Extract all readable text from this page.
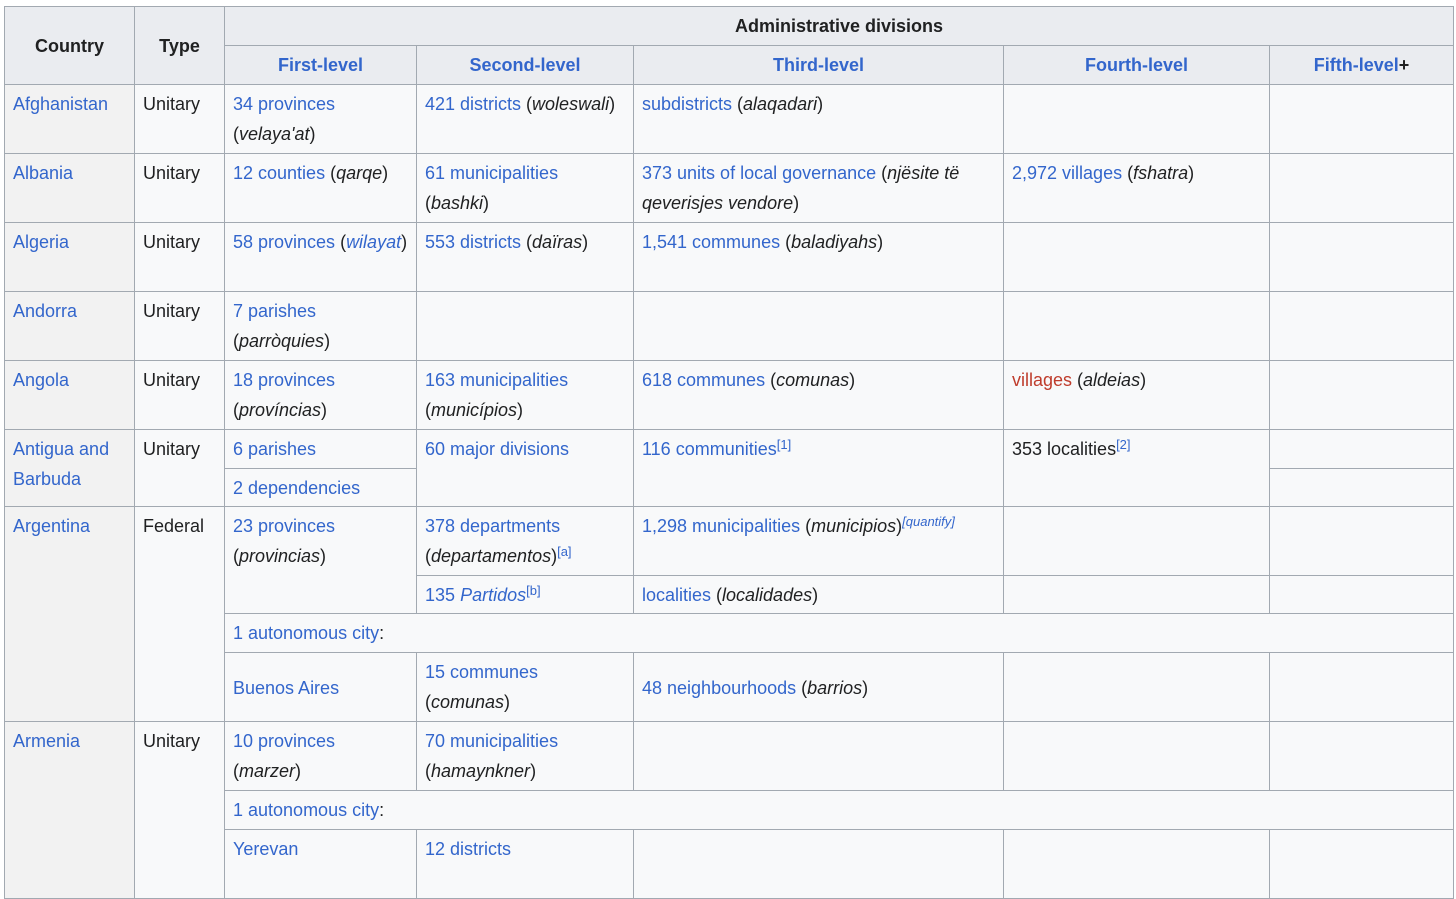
Country	Type	Administrative divisions				
		First-level	Second-level	Third-level	Fourth-level	Fifth-level+
Afghanistan	Unitary	34 provinces (velaya'at)	421 districts (woleswali)	subdistricts (alaqadari)		
Albania	Unitary	12 counties (qarqe)	61 municipalities (bashki)	373 units of local governance (njësite të qeverisjes vendore)	2,972 villages (fshatra)	
Algeria	Unitary	58 provinces (wilayat)	553 districts (daïras)	1,541 communes (baladiyahs)		
Andorra	Unitary	7 parishes (parròquies)				
Angola	Unitary	18 provinces (províncias)	163 municipalities (municípios)	618 communes (comunas)	villages (aldeias)	
Antigua and Barbuda	Unitary	6 parishes	60 major divisions	116 communities[1]	353 localities[2]	
		2 dependencies				
Argentina	Federal	23 provinces (provincias)	378 departments (departamentos)[a]	1,298 municipalities (municipios)[quantify]		
			135 Partidos[b]	localities (localidades)		
		1 autonomous city:				
		Buenos Aires	15 communes (comunas)	48 neighbourhoods (barrios)		
Armenia	Unitary	10 provinces (marzer)	70 municipalities (hamaynkner)			
		1 autonomous city:				
		Yerevan	12 districts			
